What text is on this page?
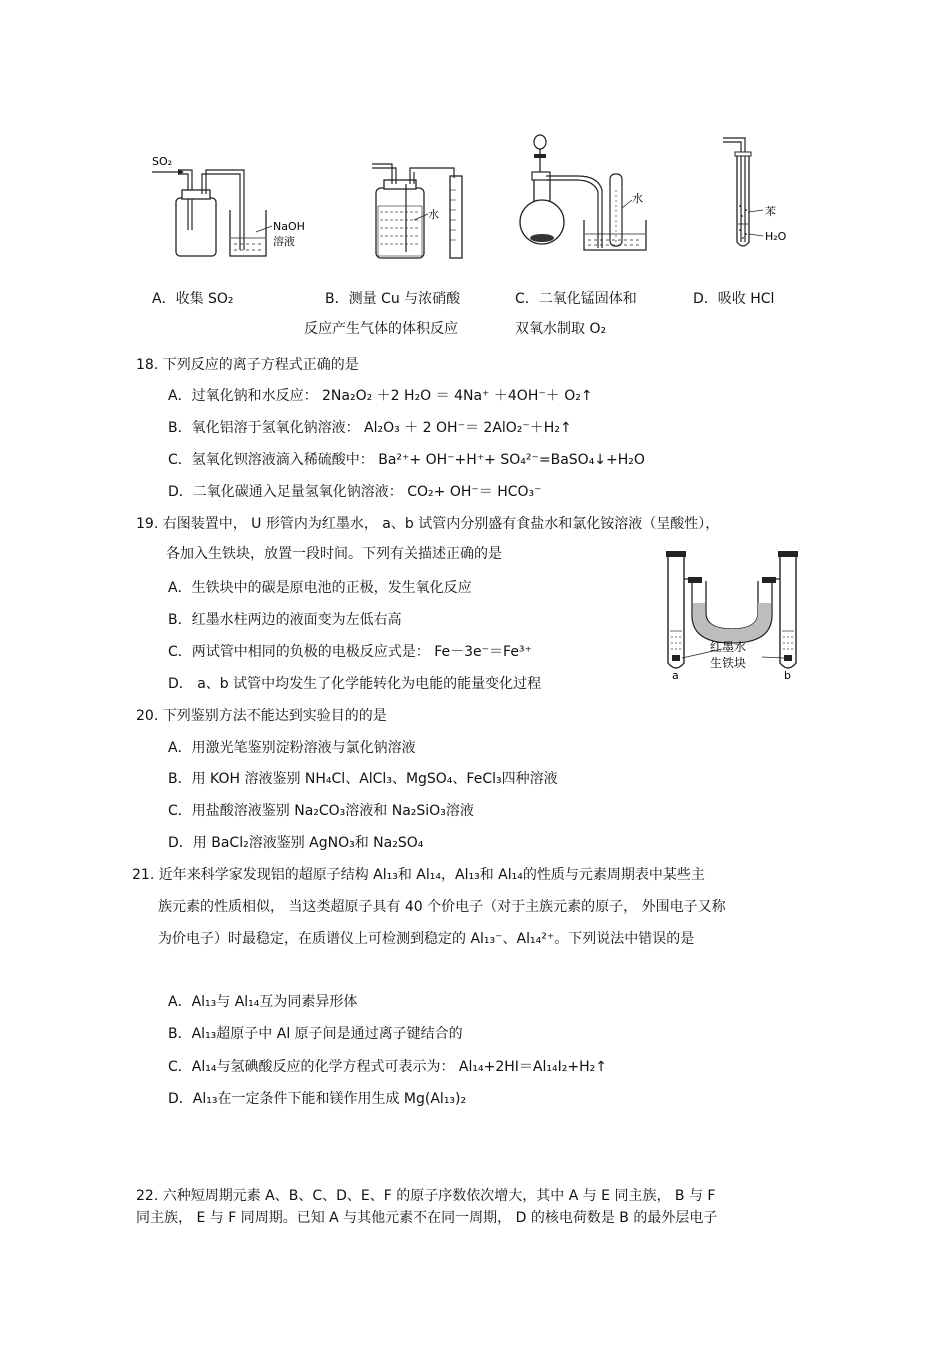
SO₂
NaOH
溶液
水
水
苯
H₂O
A．收集 SO₂	B．测量 Cu 与浓硝酸
反应产生气体的体积反应
C．二氧化锰固体和
双氧水制取 O₂
D．吸收 HCl
18. 下列反应的离子方程式正确的是
A．过氧化钠和水反应： 2Na₂O₂ ＋2 H₂O ＝ 4Na⁺ ＋4OH⁻＋ O₂↑
B．氧化铝溶于氢氧化钠溶液： Al₂O₃ ＋ 2 OH⁻＝ 2AlO₂⁻＋H₂↑
C．氢氧化钡溶液滴入稀硫酸中： Ba²⁺+ OH⁻+H⁺+ SO₄²⁻=BaSO₄↓+H₂O
D．二氧化碳通入足量氢氧化钠溶液： CO₂+ OH⁻＝ HCO₃⁻
19. 右图装置中， U 形管内为红墨水， a、b 试管内分别盛有食盐水和氯化铵溶液（呈酸性），
各加入生铁块，放置一段时间。下列有关描述正确的是
A．生铁块中的碳是原电池的正极，发生氧化反应
B．红墨水柱两边的液面变为左低右高
C．两试管中相同的负极的电极反应式是： Fe－3e⁻＝Fe³⁺
D． a、b 试管中均发生了化学能转化为电能的能量变化过程
红墨水
生铁块
a	b
20. 下列鉴别方法不能达到实验目的的是
A．用激光笔鉴别淀粉溶液与氯化钠溶液
B．用 KOH 溶液鉴别 NH₄Cl、AlCl₃、MgSO₄、FeCl₃四种溶液
C．用盐酸溶液鉴别 Na₂CO₃溶液和 Na₂SiO₃溶液
D．用 BaCl₂溶液鉴别 AgNO₃和 Na₂SO₄
21. 近年来科学家发现铝的超原子结构 Al₁₃和 Al₁₄，Al₁₃和 Al₁₄的性质与元素周期表中某些主
族元素的性质相似， 当这类超原子具有 40 个价电子（对于主族元素的原子， 外围电子又称
为价电子）时最稳定，在质谱仪上可检测到稳定的 Al₁₃⁻、Al₁₄²⁺。下列说法中错误的是
A．Al₁₃与 Al₁₄互为同素异形体
B．Al₁₃超原子中 Al 原子间是通过离子键结合的
C．Al₁₄与氢碘酸反应的化学方程式可表示为： Al₁₄+2HI＝Al₁₄I₂+H₂↑
D．Al₁₃在一定条件下能和镁作用生成 Mg(Al₁₃)₂
22. 六种短周期元素 A、B、C、D、E、F 的原子序数依次增大，其中 A 与 E 同主族， B 与 F
同主族， E 与 F 同周期。已知 A 与其他元素不在同一周期， D 的核电荷数是 B 的最外层电子
